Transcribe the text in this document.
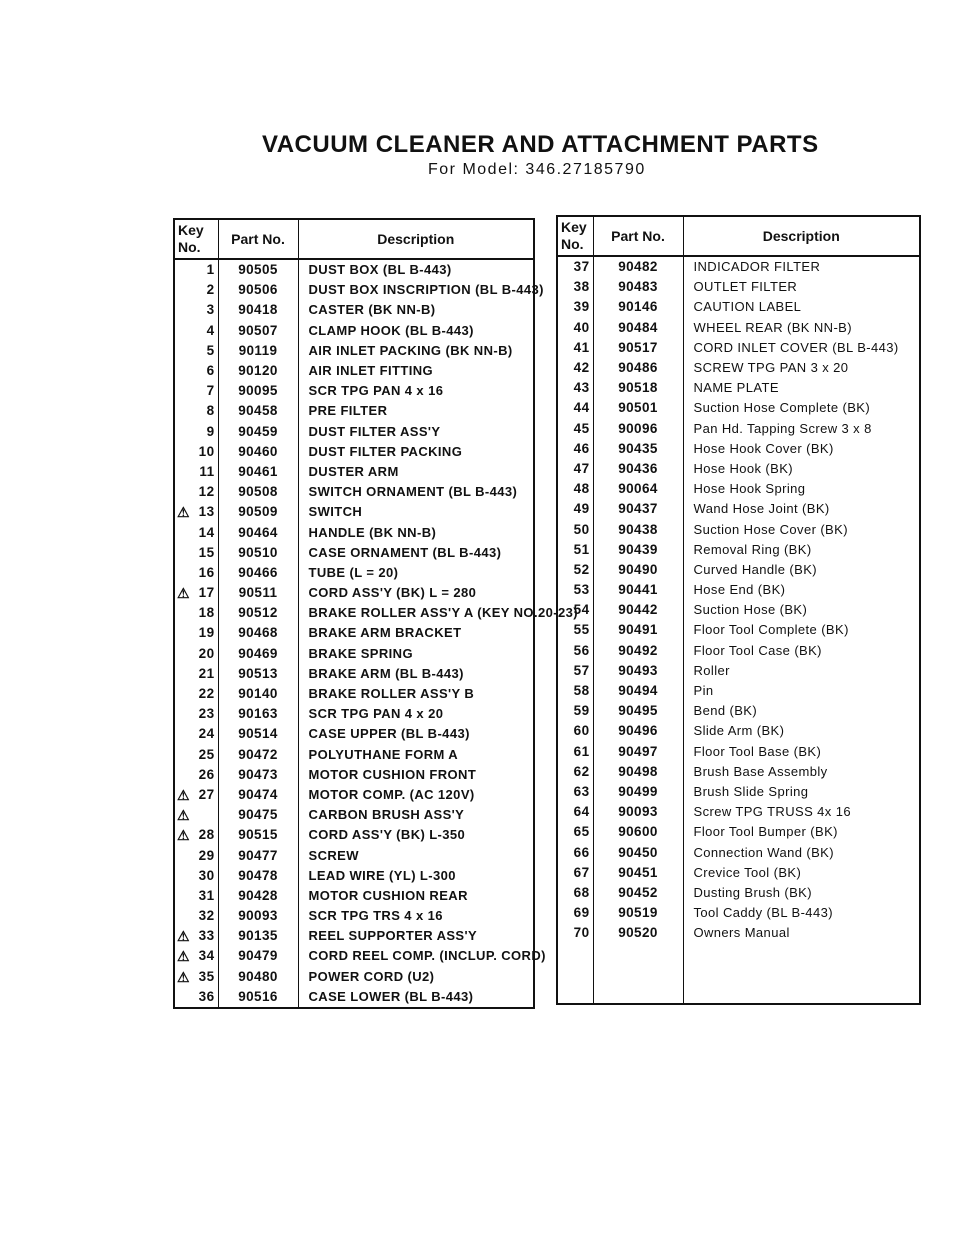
VACUUM CLEANER AND ATTACHMENT PARTS
For Model: 346.27185790
Key
No.	Part No.	Description
1	90505	DUST BOX (BL B-443)
2	90506	DUST BOX INSCRIPTION (BL B-443)
3	90418	CASTER (BK NN-B)
4	90507	CLAMP HOOK (BL B-443)
5	90119	AIR INLET PACKING (BK NN-B)
6	90120	AIR INLET FITTING
7	90095	SCR TPG PAN 4 x 16
8	90458	PRE FILTER
9	90459	DUST FILTER ASS'Y
10	90460	DUST FILTER PACKING
11	90461	DUSTER ARM
12	90508	SWITCH ORNAMENT (BL B-443)

⚠ 13	90509	SWITCH
14	90464	HANDLE (BK NN-B)
15	90510	CASE ORNAMENT (BL B-443)
16	90466	TUBE (L = 20)

⚠ 17	90511	CORD ASS'Y (BK) L = 280
18	90512	BRAKE ROLLER ASS'Y A (KEY NO.20-23)
19	90468	BRAKE ARM BRACKET
20	90469	BRAKE SPRING
21	90513	BRAKE ARM (BL B-443)
22	90140	BRAKE ROLLER ASS'Y B
23	90163	SCR TPG PAN 4 x 20
24	90514	CASE UPPER (BL B-443)
25	90472	POLYUTHANE FORM A
26	90473	MOTOR CUSHION FRONT

⚠ 27	90474	MOTOR COMP. (AC 120V)

⚠	90475	CARBON BRUSH ASS'Y

⚠ 28	90515	CORD ASS'Y (BK) L-350
29	90477	SCREW
30	90478	LEAD WIRE (YL) L-300
31	90428	MOTOR CUSHION REAR
32	90093	SCR TPG TRS 4 x 16

⚠ 33	90135	REEL SUPPORTER ASS'Y

⚠ 34	90479	CORD REEL COMP. (INCLUP. CORD)

⚠ 35	90480	POWER CORD (U2)
36	90516	CASE LOWER (BL B-443)
Key
No.	Part No.	Description
37	90482	INDICADOR FILTER
38	90483	OUTLET FILTER
39	90146	CAUTION LABEL
40	90484	WHEEL REAR (BK NN-B)
41	90517	CORD INLET COVER (BL B-443)
42	90486	SCREW TPG PAN 3 x 20
43	90518	NAME PLATE
44	90501	Suction Hose Complete (BK)
45	90096	Pan Hd. Tapping Screw 3 x 8
46	90435	Hose Hook Cover (BK)
47	90436	Hose Hook (BK)
48	90064	Hose Hook Spring
49	90437	Wand Hose Joint (BK)
50	90438	Suction Hose Cover (BK)
51	90439	Removal Ring (BK)
52	90490	Curved Handle (BK)
53	90441	Hose End (BK)
54	90442	Suction Hose (BK)
55	90491	Floor Tool Complete (BK)
56	90492	Floor Tool Case (BK)
57	90493	Roller
58	90494	Pin
59	90495	Bend (BK)
60	90496	Slide Arm (BK)
61	90497	Floor Tool Base (BK)
62	90498	Brush Base Assembly
63	90499	Brush Slide Spring
64	90093	Screw TPG TRUSS 4x 16
65	90600	Floor Tool Bumper (BK)
66	90450	Connection Wand (BK)
67	90451	Crevice Tool (BK)
68	90452	Dusting Brush (BK)
69	90519	Tool Caddy (BL B-443)
70	90520	Owners Manual
